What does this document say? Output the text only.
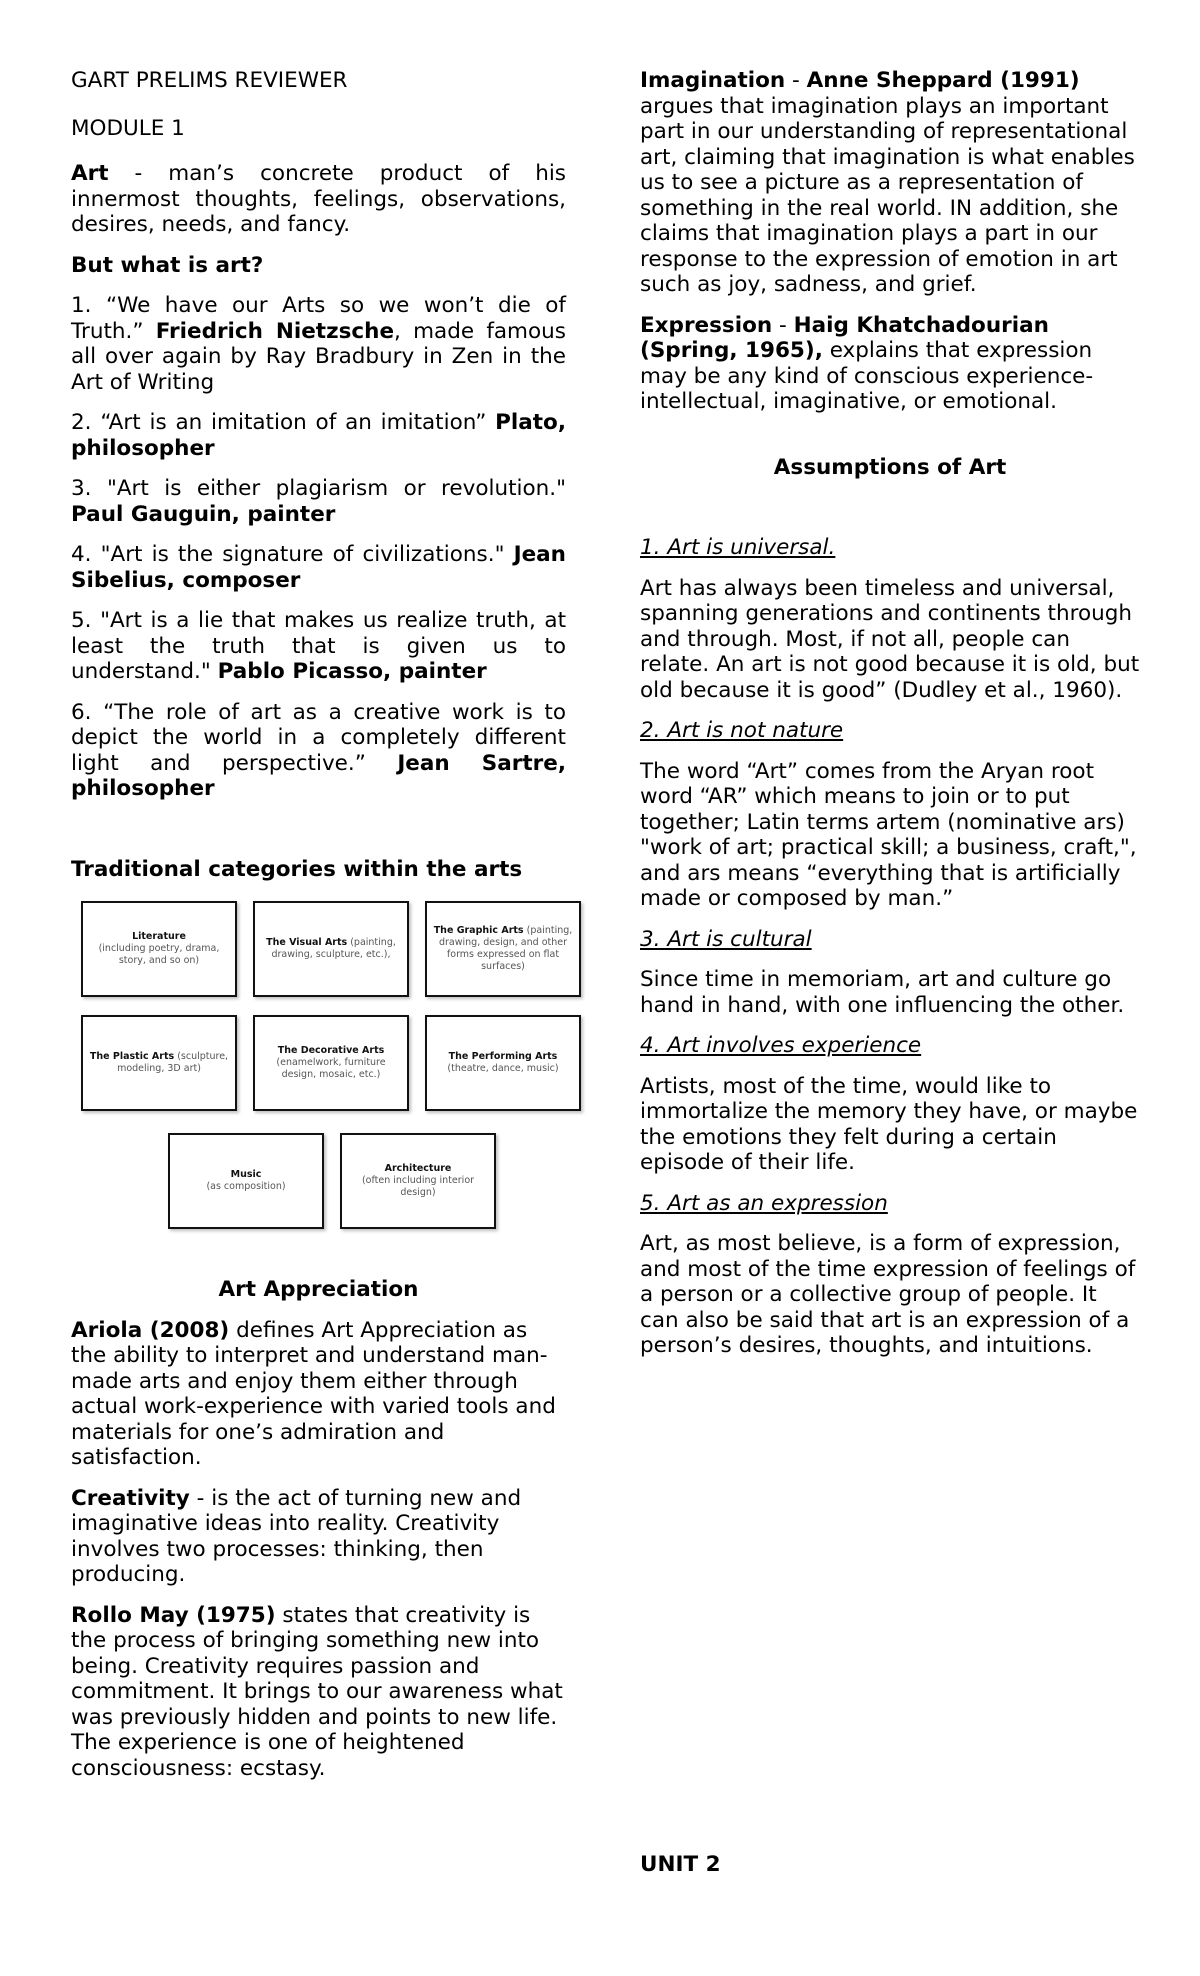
GART PRELIMS REVIEWER

MODULE 1

Art - man’s concrete product of his innermost thoughts, feelings, observations, desires, needs, and fancy.

But what is art?

1. “We have our Arts so we won’t die of Truth.” Friedrich Nietzsche, made famous all over again by Ray Bradbury in Zen in the Art of Writing

2. “Art is an imitation of an imitation” Plato, philosopher

3. "Art is either plagiarism or revolution." Paul Gauguin, painter

4. "Art is the signature of civilizations." Jean Sibelius, composer

5. "Art is a lie that makes us realize truth, at least the truth that is given us to understand." Pablo Picasso, painter

6. “The role of art as a creative work is to depict the world in a completely different light and perspective.” Jean Sartre, philosopher

Traditional categories within the arts

Literature
(including poetry, drama, story, and so on)
The Visual Arts (painting, drawing, sculpture, etc.),
The Graphic Arts (painting, drawing, design, and other forms expressed on flat surfaces)
The Plastic Arts (sculpture, modeling, 3D art)
The Decorative Arts
(enamelwork, furniture design, mosaic, etc.)
The Performing Arts (theatre, dance, music)
Music
(as composition)
Architecture
(often including interior design)

Art Appreciation

Ariola (2008) defines Art Appreciation as the ability to interpret and understand man-made arts and enjoy them either through actual work-experience with varied tools and materials for one’s admiration and satisfaction.

Creativity - is the act of turning new and imaginative ideas into reality. Creativity involves two processes: thinking, then producing.

Rollo May (1975) states that creativity is the process of bringing something new into being. Creativity requires passion and commitment. It brings to our awareness what was previously hidden and points to new life. The experience is one of heightened consciousness: ecstasy.

Imagination - Anne Sheppard (1991) argues that imagination plays an important part in our understanding of representational art, claiming that imagination is what enables us to see a picture as a representation of something in the real world. IN addition, she claims that imagination plays a part in our response to the expression of emotion in art such as joy, sadness, and grief.

Expression - Haig Khatchadourian (Spring, 1965), explains that expression may be any kind of conscious experience-intellectual, imaginative, or emotional.

Assumptions of Art

1. Art is universal.

Art has always been timeless and universal, spanning generations and continents through and through. Most, if not all, people can relate. An art is not good because it is old, but old because it is good” (Dudley et al., 1960).

2. Art is not nature

The word “Art” comes from the Aryan root word “AR” which means to join or to put together; Latin terms artem (nominative ars) "work of art; practical skill; a business, craft,", and ars means “everything that is artificially made or composed by man.”

3. Art is cultural

Since time in memoriam, art and culture go hand in hand, with one influencing the other.

4. Art involves experience

Artists, most of the time, would like to immortalize the memory they have, or maybe the emotions they felt during a certain episode of their life.

5. Art as an expression

Art, as most believe, is a form of expression, and most of the time expression of feelings of a person or a collective group of people. It can also be said that art is an expression of a person’s desires, thoughts, and intuitions.

UNIT 2
